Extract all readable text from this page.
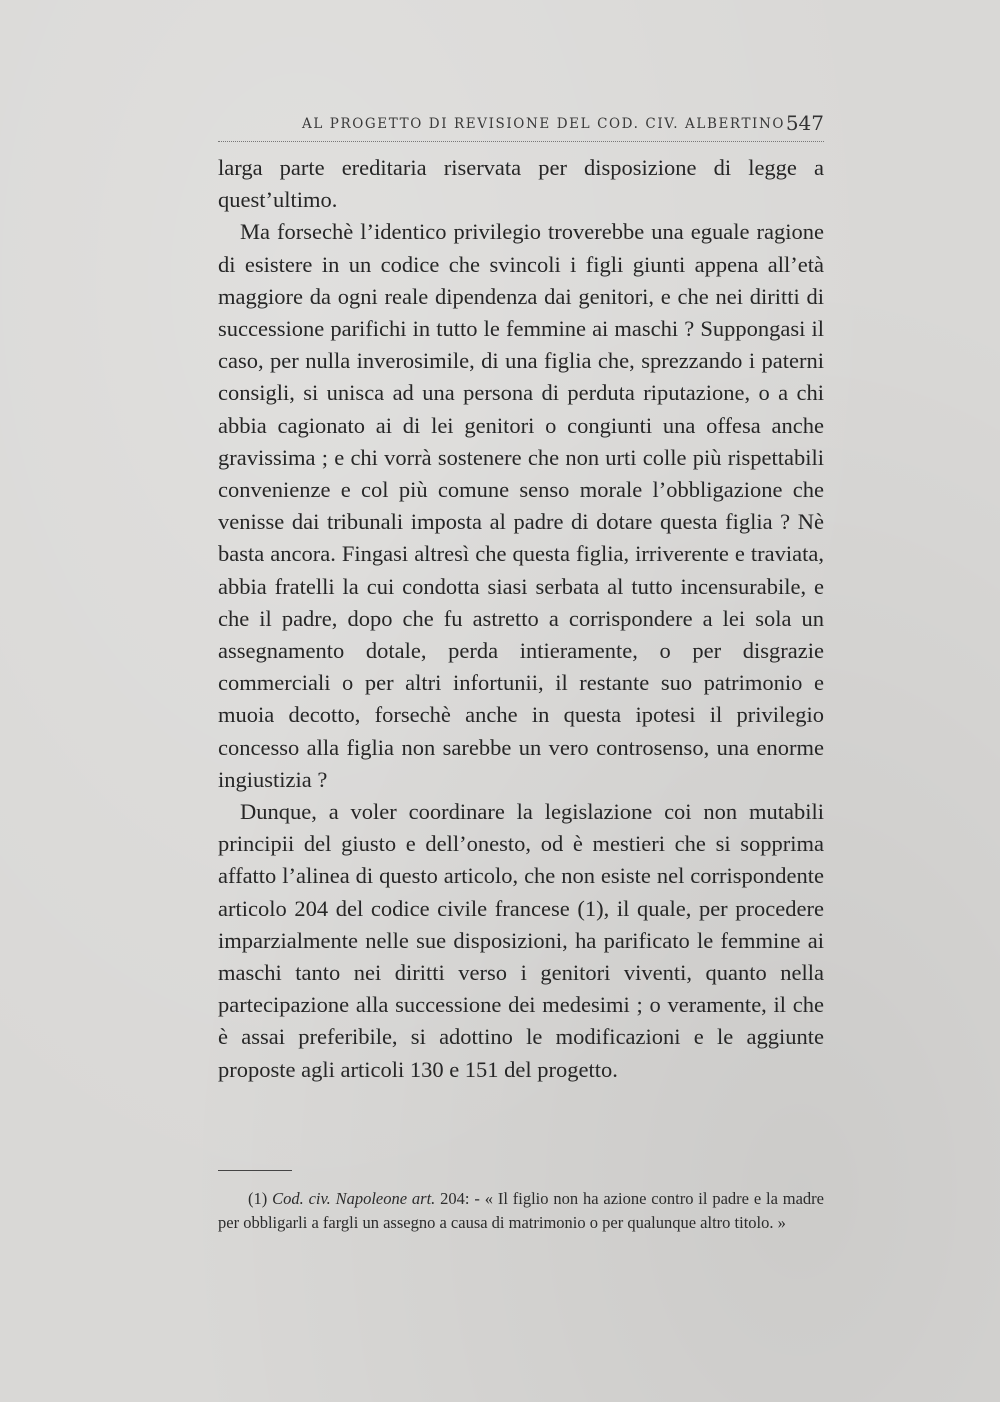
AL PROGETTO DI REVISIONE DEL COD. CIV. ALBERTINO 547

larga parte ereditaria riservata per disposizione di legge a quest’ultimo.

Ma forsechè l’identico privilegio troverebbe una eguale ragione di esistere in un codice che svincoli i figli giunti appena all’età maggiore da ogni reale dipendenza dai genitori, e che nei diritti di successione parifichi in tutto le femmine ai maschi ? Suppongasi il caso, per nulla inverosimile, di una figlia che, sprezzando i paterni consigli, si unisca ad una persona di perduta riputazione, o a chi abbia cagionato ai di lei genitori o congiunti una offesa anche gravissima ; e chi vorrà sostenere che non urti colle più rispettabili convenienze e col più comune senso morale l’obbligazione che venisse dai tribunali imposta al padre di dotare questa figlia ? Nè basta ancora. Fingasi altresì che questa figlia, irriverente e traviata, abbia fratelli la cui condotta siasi serbata al tutto incensurabile, e che il padre, dopo che fu astretto a corrispondere a lei sola un assegnamento dotale, perda intieramente, o per disgrazie commerciali o per altri infortunii, il restante suo patrimonio e muoia decotto, forsechè anche in questa ipotesi il privilegio concesso alla figlia non sarebbe un vero controsenso, una enorme ingiustizia ?

Dunque, a voler coordinare la legislazione coi non mutabili principii del giusto e dell’onesto, od è mestieri che si sopprima affatto l’alinea di questo articolo, che non esiste nel corrispondente articolo 204 del codice civile francese (1), il quale, per procedere imparzialmente nelle sue disposizioni, ha parificato le femmine ai maschi tanto nei diritti verso i genitori viventi, quanto nella partecipazione alla successione dei medesimi ; o veramente, il che è assai preferibile, si adottino le modificazioni e le aggiunte proposte agli articoli 130 e 151 del progetto.

(1) Cod. civ. Napoleone art. 204: - « Il figlio non ha azione contro il padre e la madre per obbligarli a fargli un assegno a causa di matrimonio o per qualunque altro titolo. »
